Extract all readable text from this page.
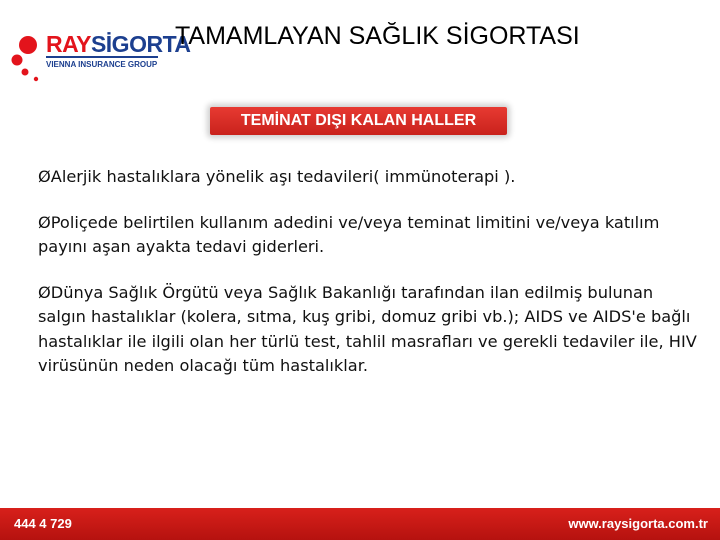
RAY SİGORTA
VIENNA INSURANCE GROUP
TAMAMLAYAN SAĞLIK SİGORTASI
TEMİNAT DIŞI KALAN HALLER
ØAlerjik hastalıklara yönelik aşı tedavileri( immünoterapi ).
ØPoliçede belirtilen kullanım adedini ve/veya teminat limitini ve/veya katılım payını aşan ayakta tedavi giderleri.
ØDünya Sağlık Örgütü veya Sağlık Bakanlığı tarafından ilan edilmiş bulunan salgın hastalıklar (kolera, sıtma, kuş gribi, domuz gribi vb.); AIDS ve AIDS'e bağlı hastalıklar ile ilgili olan her türlü test, tahlil masrafları ve gerekli tedaviler ile, HIV virüsünün neden olacağı tüm hastalıklar.
444 4 729	www.raysigorta.com.tr
